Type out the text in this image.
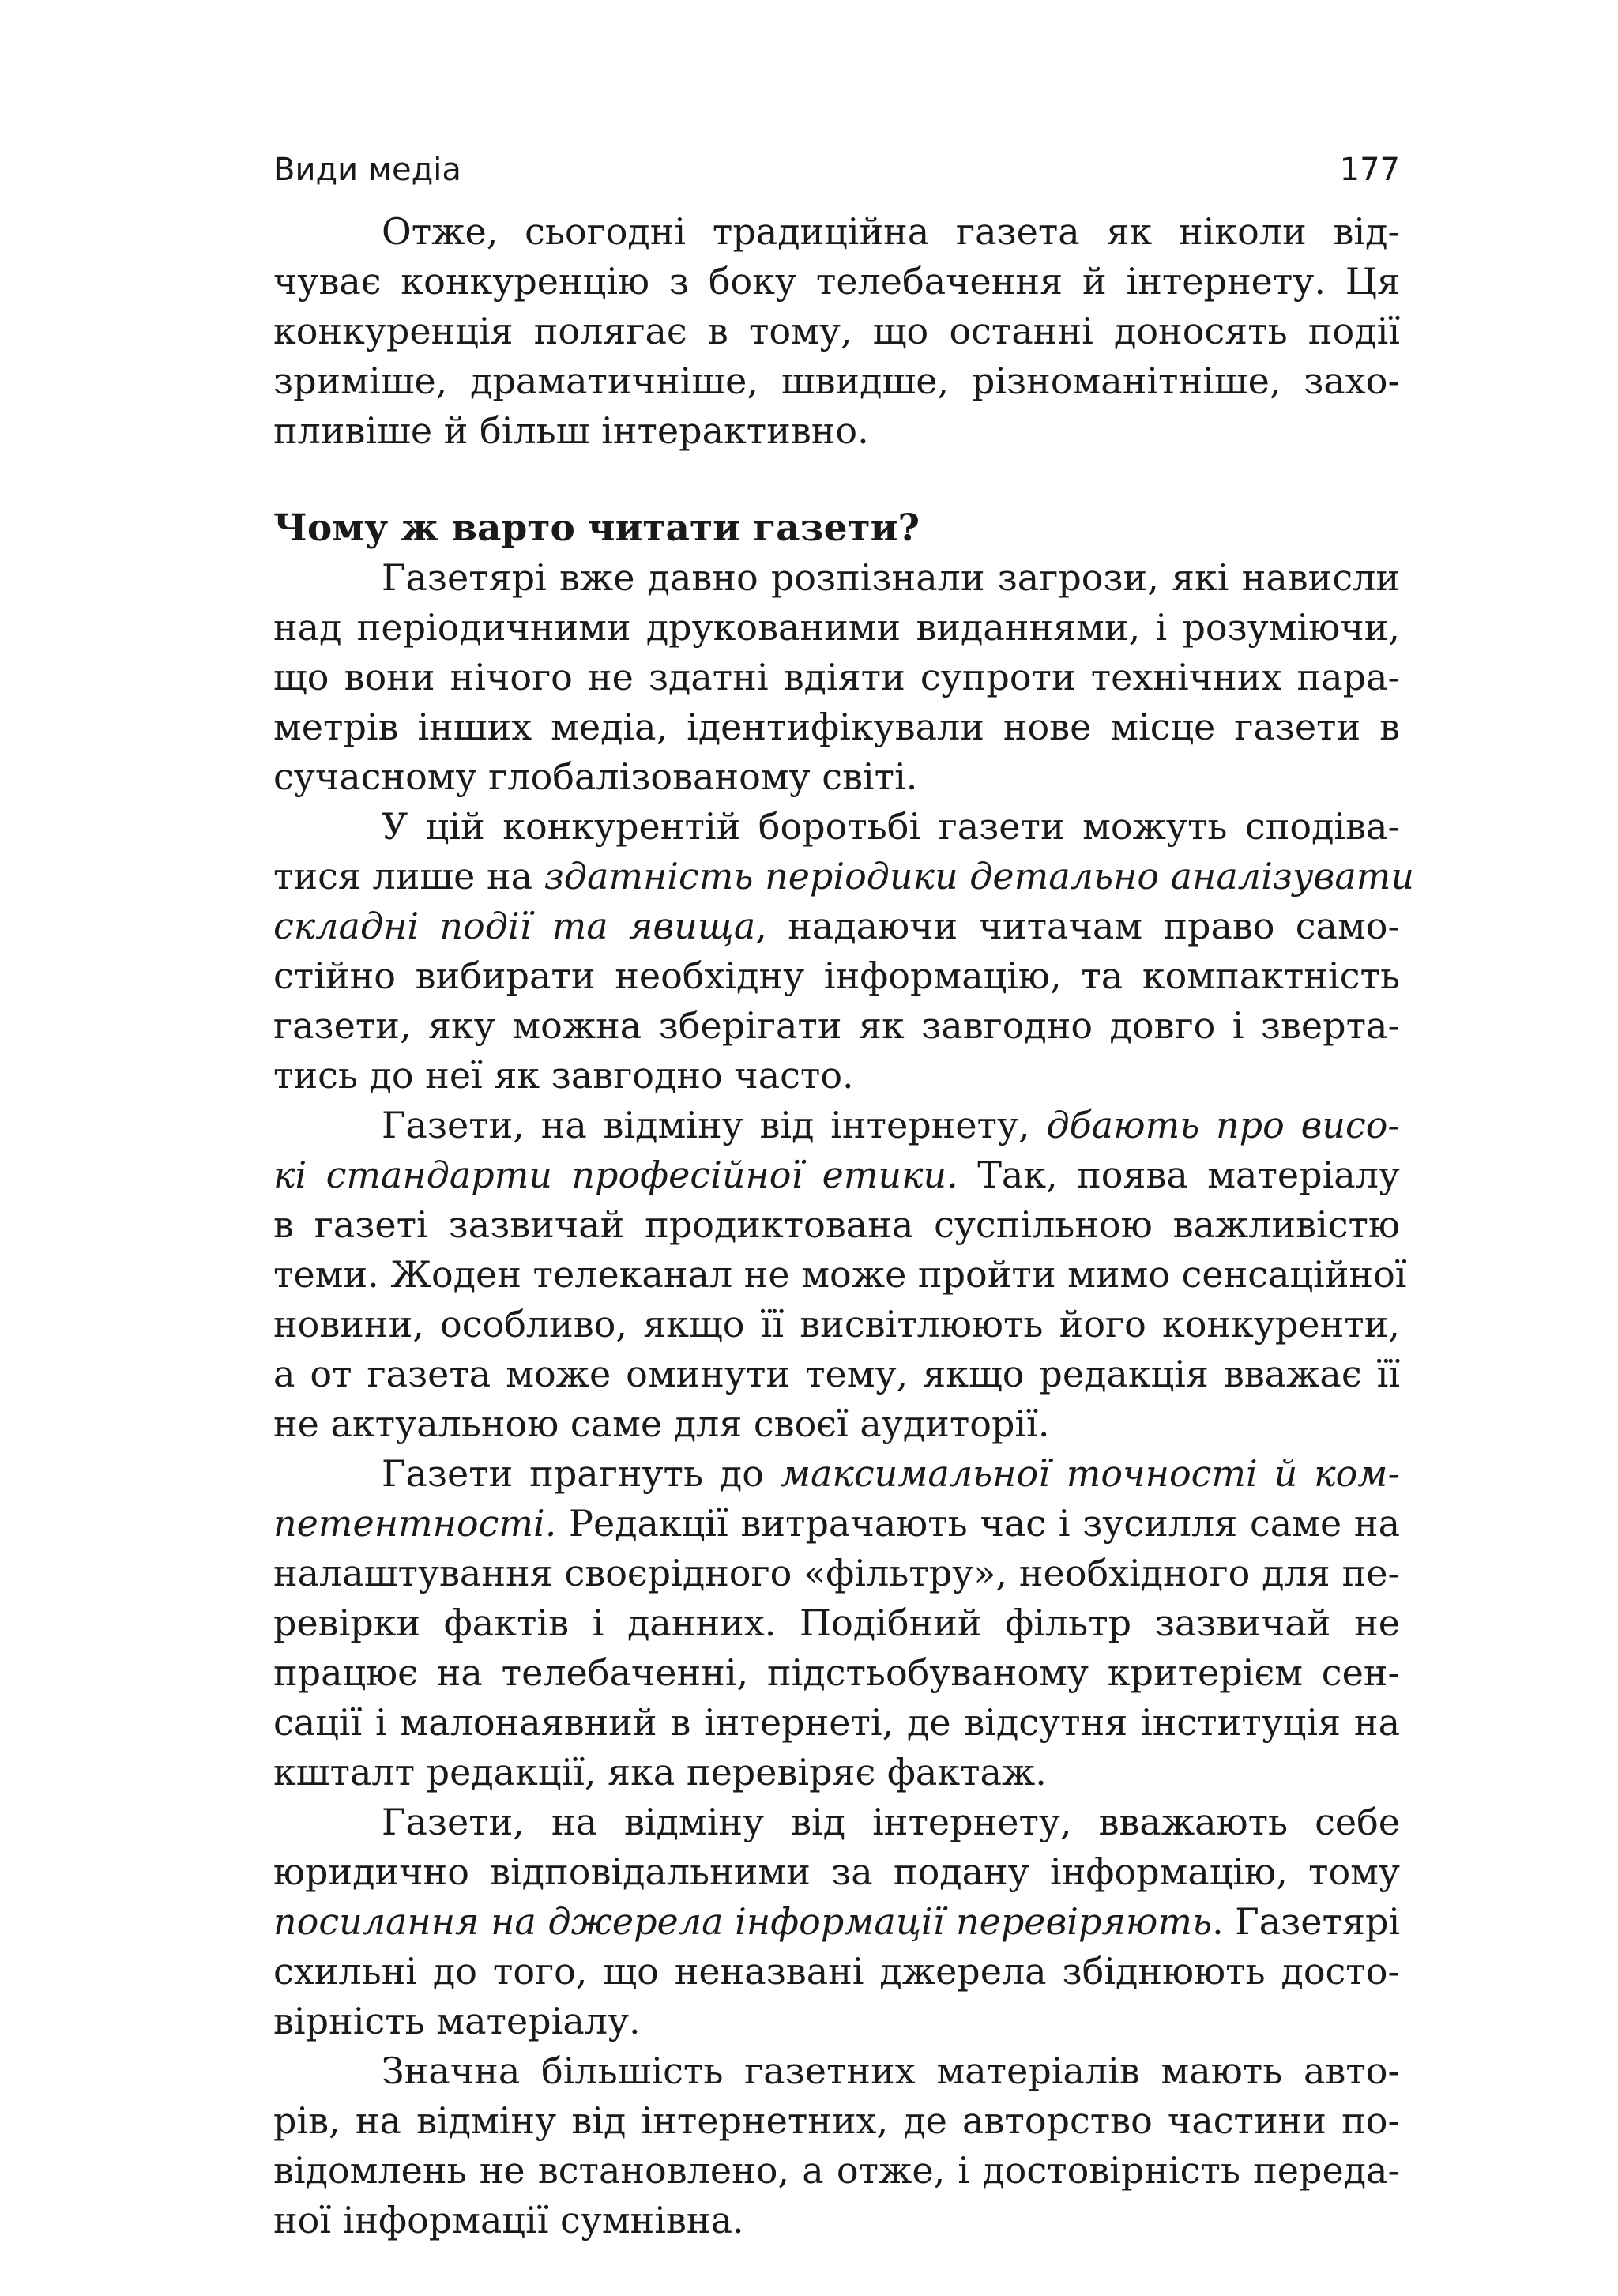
Види медіа	177
Отже, сьогодні традиційна газета як ніколи від-
чуває конкуренцію з боку телебачення й інтернету. Ця
конкуренція полягає в тому, що останні доносять події
зриміше, драматичніше, швидше, різноманітніше, захо-
пливіше й більш інтерактивно.
Чому ж варто читати газети?
Газетярі вже давно розпізнали загрози, які нависли
над періодичними друкованими виданнями, і розуміючи,
що вони нічого не здатні вдіяти супроти технічних пара-
метрів інших медіа, ідентифікували нове місце газети в
сучасному глобалізованому світі.
У цій конкурентій боротьбі газети можуть сподіва-
тися лише на здатність періодики детально аналізувати
складні події та явища, надаючи читачам право само-
стійно вибирати необхідну інформацію, та компактність
газети, яку можна зберігати як завгодно довго і зверта-
тись до неї як завгодно часто.
Газети, на відміну від інтернету, дбають про висо-
кі стандарти професійної етики. Так, поява матеріалу
в газеті зазвичай продиктована суспільною важливістю
теми. Жоден телеканал не може пройти мимо сенсаційної
новини, особливо, якщо її висвітлюють його конкуренти,
а от газета може оминути тему, якщо редакція вважає її
не актуальною саме для своєї аудиторії.
Газети прагнуть до максимальної точності й ком-
петентності. Редакції витрачають час і зусилля саме на
налаштування своєрідного «фільтру», необхідного для пе-
ревірки фактів і данних. Подібний фільтр зазвичай не
працює на телебаченні, підстьобуваному критерієм сен-
сації і малонаявний в інтернеті, де відсутня інституція на
кшталт редакції, яка перевіряє фактаж.
Газети, на відміну від інтернету, вважають себе
юридично відповідальними за подану інформацію, тому
посилання на джерела інформації перевіряють. Газетярі
схильні до того, що неназвані джерела збіднюють досто-
вірність матеріалу.
Значна більшість газетних матеріалів мають авто-
рів, на відміну від інтернетних, де авторство частини по-
відомлень не встановлено, а отже, і достовірність переда-
ної інформації сумнівна.
